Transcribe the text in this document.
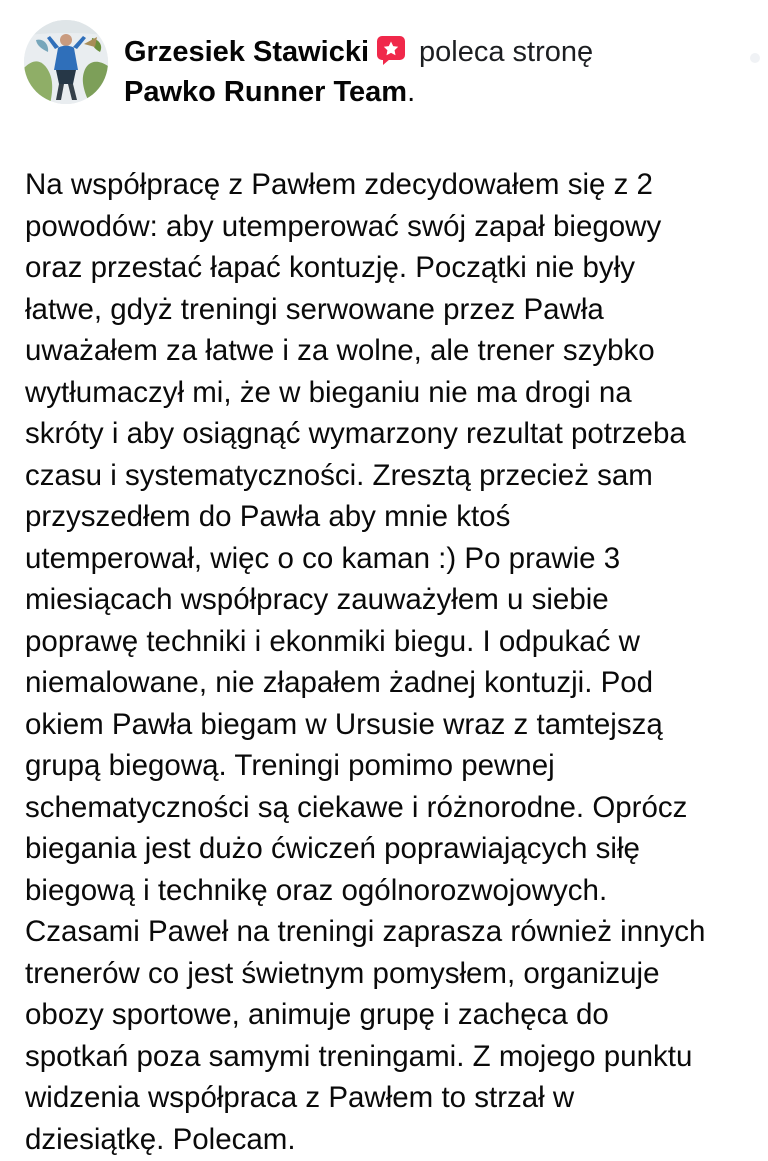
Grzesiek Stawicki poleca stronę
Pawko Runner Team.

Na współpracę z Pawłem zdecydowałem się z 2
powodów: aby utemperować swój zapał biegowy
oraz przestać łapać kontuzję. Początki nie były
łatwe, gdyż treningi serwowane przez Pawła
uważałem za łatwe i za wolne, ale trener szybko
wytłumaczył mi, że w bieganiu nie ma drogi na
skróty i aby osiągnąć wymarzony rezultat potrzeba
czasu i systematyczności. Zresztą przecież sam
przyszedłem do Pawła aby mnie ktoś
utemperował, więc o co kaman :) Po prawie 3
miesiącach współpracy zauważyłem u siebie
poprawę techniki i ekonmiki biegu. I odpukać w
niemalowane, nie złapałem żadnej kontuzji. Pod
okiem Pawła biegam w Ursusie wraz z tamtejszą
grupą biegową. Treningi pomimo pewnej
schematyczności są ciekawe i różnorodne. Oprócz
biegania jest dużo ćwiczeń poprawiających siłę
biegową i technikę oraz ogólnorozwojowych.
Czasami Paweł na treningi zaprasza również innych
trenerów co jest świetnym pomysłem, organizuje
obozy sportowe, animuje grupę i zachęca do
spotkań poza samymi treningami. Z mojego punktu
widzenia współpraca z Pawłem to strzał w
dziesiątkę. Polecam.
